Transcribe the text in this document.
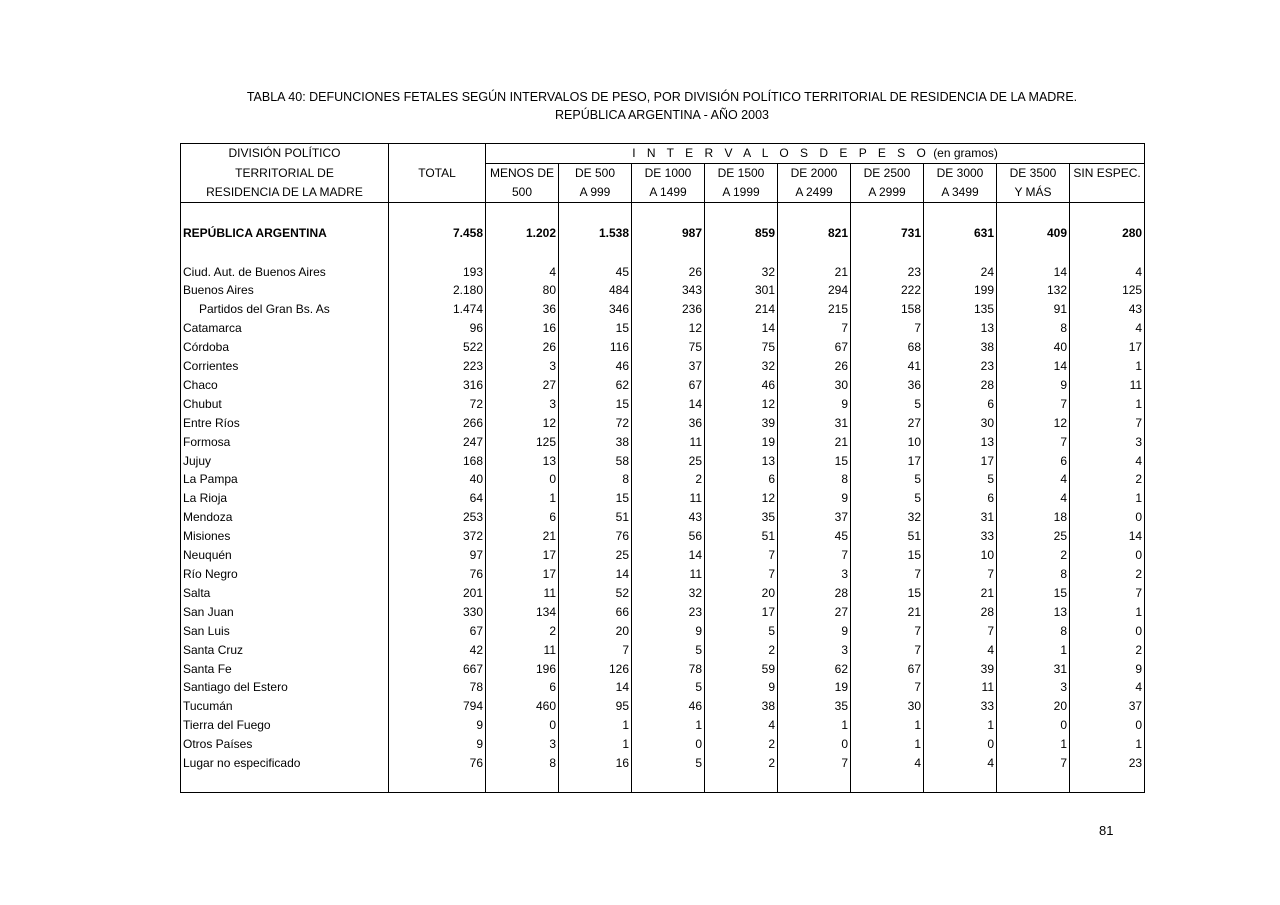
TABLA 40: DEFUNCIONES FETALES SEGÚN INTERVALOS DE PESO, POR DIVISIÓN POLÍTICO TERRITORIAL DE RESIDENCIA DE LA MADRE.
REPÚBLICA ARGENTINA - AÑO 2003
DIVISIÓN POLÍTICO		I N T E R V A L O S D E P E S O (en gramos)								
TERRITORIAL DE	TOTAL	MENOS DE	DE 500	DE 1000	DE 1500	DE 2000	DE 2500	DE 3000	DE 3500	SIN ESPEC.
RESIDENCIA DE LA MADRE		500	A 999	A 1499	A 1999	A 2499	A 2999	A 3499	Y MÁS	

REPÚBLICA ARGENTINA	7.458	1.202	1.538	987	859	821	731	631	409	280

Ciud. Aut. de Buenos Aires	193	4	45	26	32	21	23	24	14	4
Buenos Aires	2.180	80	484	343	301	294	222	199	132	125
Partidos del Gran Bs. As	1.474	36	346	236	214	215	158	135	91	43
Catamarca	96	16	15	12	14	7	7	13	8	4
Córdoba	522	26	116	75	75	67	68	38	40	17
Corrientes	223	3	46	37	32	26	41	23	14	1
Chaco	316	27	62	67	46	30	36	28	9	11
Chubut	72	3	15	14	12	9	5	6	7	1
Entre Ríos	266	12	72	36	39	31	27	30	12	7
Formosa	247	125	38	11	19	21	10	13	7	3
Jujuy	168	13	58	25	13	15	17	17	6	4
La Pampa	40	0	8	2	6	8	5	5	4	2
La Rioja	64	1	15	11	12	9	5	6	4	1
Mendoza	253	6	51	43	35	37	32	31	18	0
Misiones	372	21	76	56	51	45	51	33	25	14
Neuquén	97	17	25	14	7	7	15	10	2	0
Río Negro	76	17	14	11	7	3	7	7	8	2
Salta	201	11	52	32	20	28	15	21	15	7
San Juan	330	134	66	23	17	27	21	28	13	1
San Luis	67	2	20	9	5	9	7	7	8	0
Santa Cruz	42	11	7	5	2	3	7	4	1	2
Santa Fe	667	196	126	78	59	62	67	39	31	9
Santiago del Estero	78	6	14	5	9	19	7	11	3	4
Tucumán	794	460	95	46	38	35	30	33	20	37
Tierra del Fuego	9	0	1	1	4	1	1	1	0	0
Otros Países	9	3	1	0	2	0	1	0	1	1
Lugar no especificado	76	8	16	5	2	7	4	4	7	23

81
